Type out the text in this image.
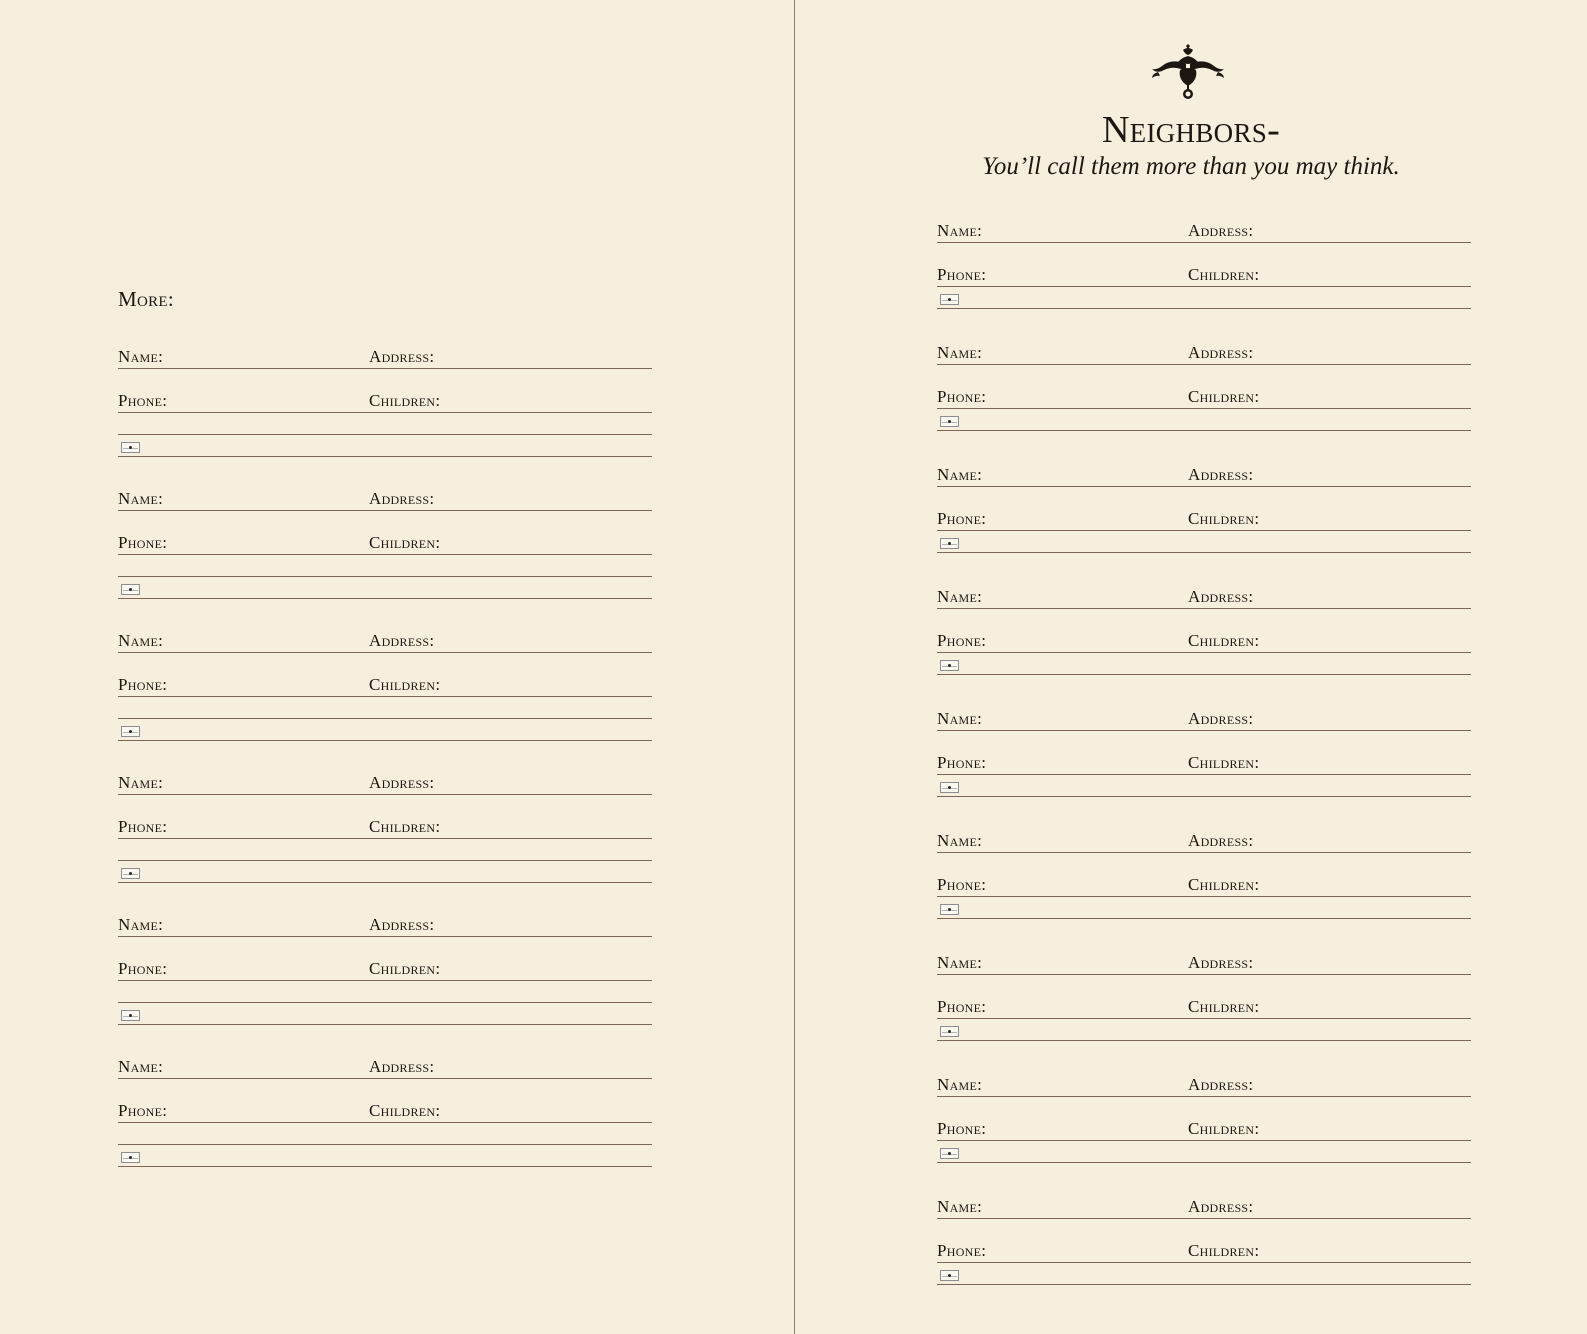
More:
Name:	Address:
Phone:	Children:
Name:	Address:
Phone:	Children:
Name:	Address:
Phone:	Children:
Name:	Address:
Phone:	Children:
Name:	Address:
Phone:	Children:
Name:	Address:
Phone:	Children:
Neighbors-
You’ll call them more than you may think.
Name:	Address:
Phone:	Children:
Name:	Address:
Phone:	Children:
Name:	Address:
Phone:	Children:
Name:	Address:
Phone:	Children:
Name:	Address:
Phone:	Children:
Name:	Address:
Phone:	Children:
Name:	Address:
Phone:	Children:
Name:	Address:
Phone:	Children:
Name:	Address:
Phone:	Children:
